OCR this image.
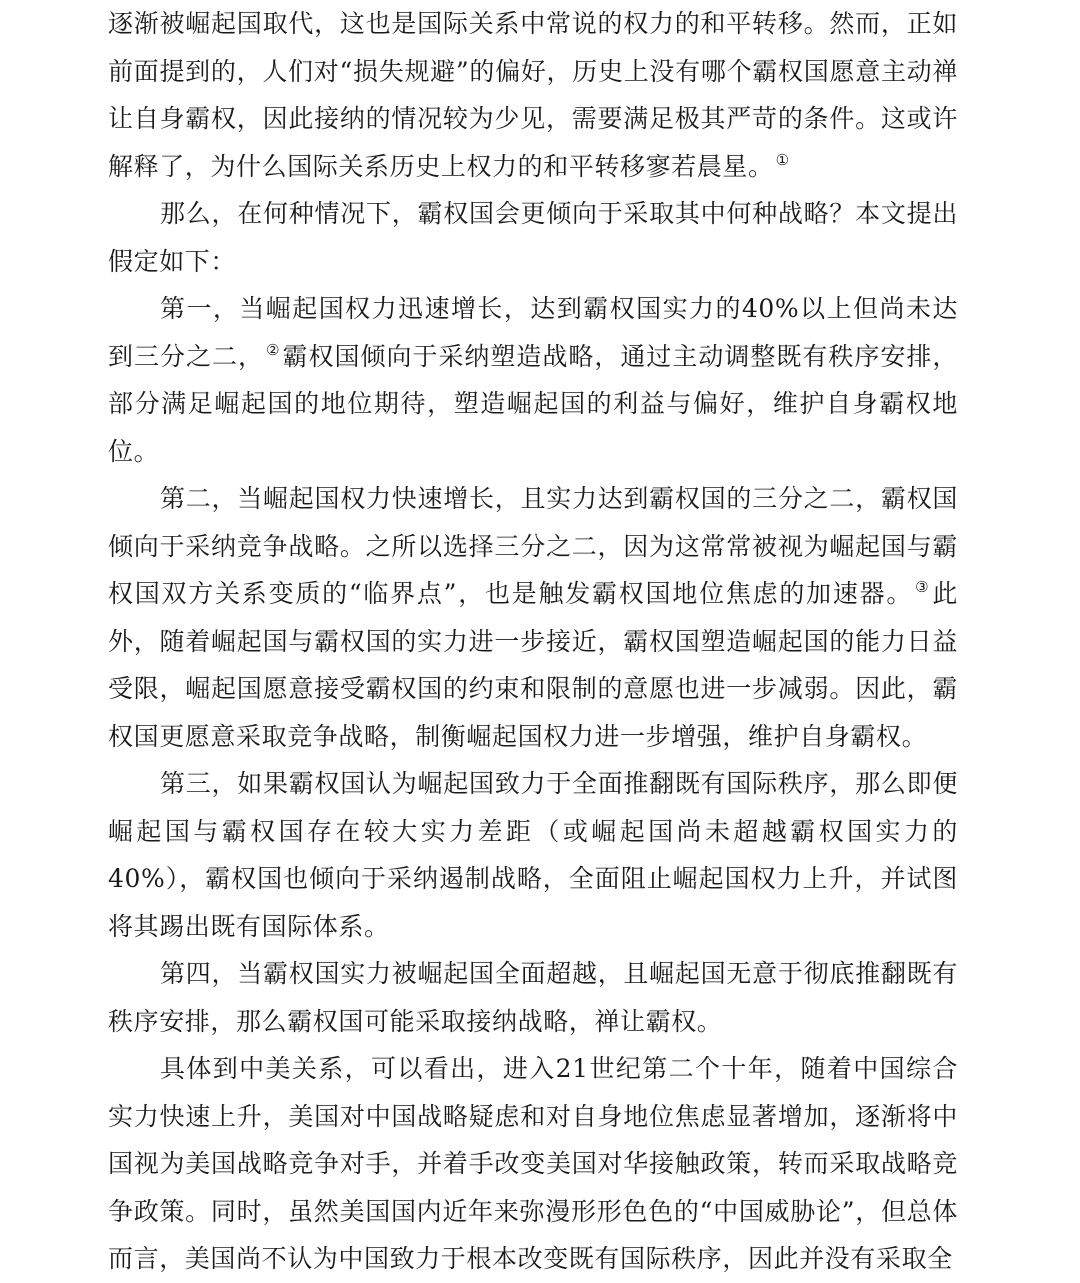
逐渐被崛起国取代，这也是国际关系中常说的权力的和平转移。然而，正如前面提到的，人们对“损失规避”的偏好，历史上没有哪个霸权国愿意主动禅让自身霸权，因此接纳的情况较为少见，需要满足极其严苛的条件。这或许解释了，为什么国际关系历史上权力的和平转移寥若晨星。 ①

那么，在何种情况下，霸权国会更倾向于采取其中何种战略？本文提出假定如下：

第一，当崛起国权力迅速增长，达到霸权国实力的40%以上但尚未达到三分之二， ②霸权国倾向于采纳塑造战略，通过主动调整既有秩序安排，部分满足崛起国的地位期待，塑造崛起国的利益与偏好，维护自身霸权地位。

第二，当崛起国权力快速增长，且实力达到霸权国的三分之二，霸权国倾向于采纳竞争战略。之所以选择三分之二，因为这常常被视为崛起国与霸权国双方关系变质的“临界点”，也是触发霸权国地位焦虑的加速器。 ③此外，随着崛起国与霸权国的实力进一步接近，霸权国塑造崛起国的能力日益受限，崛起国愿意接受霸权国的约束和限制的意愿也进一步减弱。因此，霸权国更愿意采取竞争战略，制衡崛起国权力进一步增强，维护自身霸权。

第三，如果霸权国认为崛起国致力于全面推翻既有国际秩序，那么即便崛起国与霸权国存在较大实力差距（或崛起国尚未超越霸权国实力的40%），霸权国也倾向于采纳遏制战略，全面阻止崛起国权力上升，并试图将其踢出既有国际体系。

第四，当霸权国实力被崛起国全面超越，且崛起国无意于彻底推翻既有秩序安排，那么霸权国可能采取接纳战略，禅让霸权。

具体到中美关系，可以看出，进入21世纪第二个十年，随着中国综合实力快速上升，美国对中国战略疑虑和对自身地位焦虑显著增加，逐渐将中国视为美国战略竞争对手，并着手改变美国对华接触政策，转而采取战略竞争政策。同时，虽然美国国内近年来弥漫形形色色的“中国威胁论”，但总体而言，美国尚不认为中国致力于根本改变既有国际秩序，因此并没有采取全
